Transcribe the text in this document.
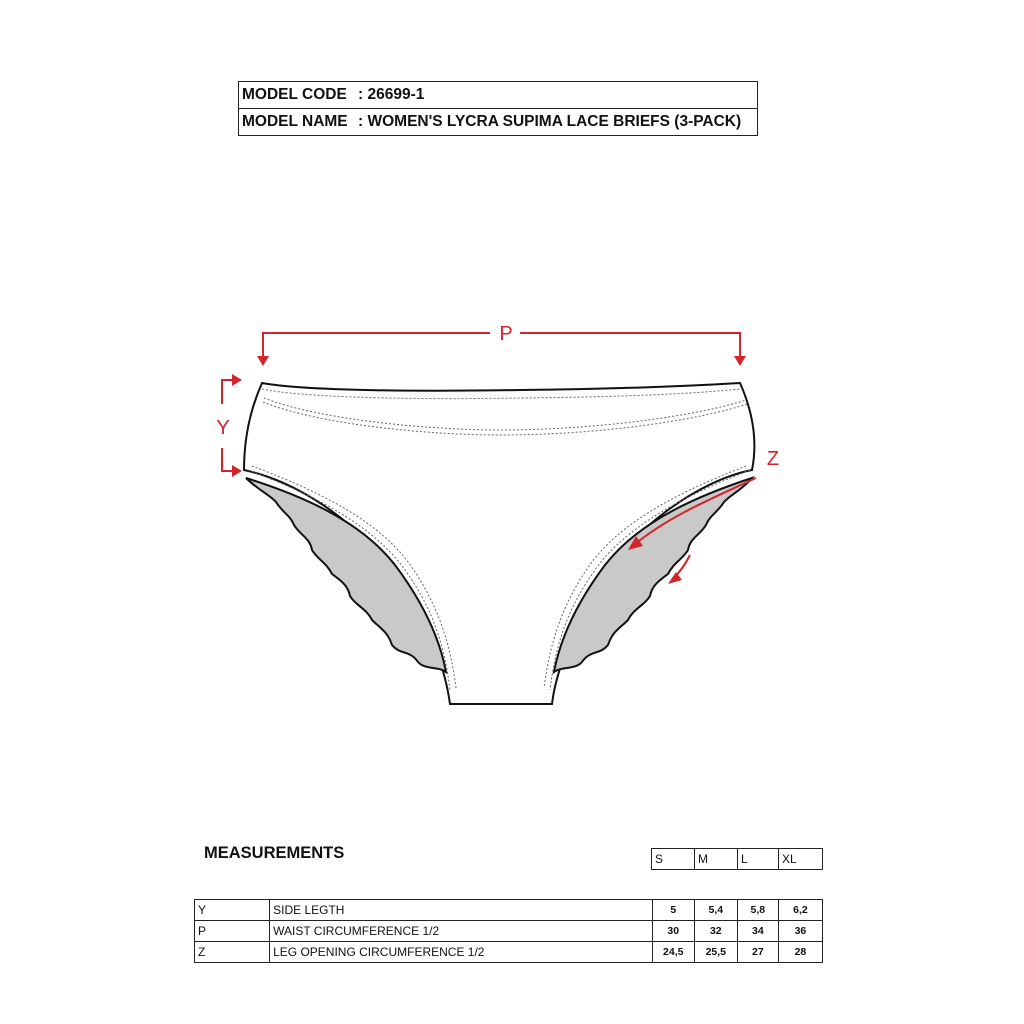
MODEL CODE : 26699-1
MODEL NAME : WOMEN'S LYCRA SUPIMA LACE BRIEFS (3-PACK)
P
Y
Z
MEASUREMENTS	S	M	L	XL
Y	SIDE LEGTH	5	5,4	5,8	6,2
P	WAIST CIRCUMFERENCE 1/2	30	32	34	36
Z	LEG OPENING CIRCUMFERENCE 1/2	24,5	25,5	27	28
